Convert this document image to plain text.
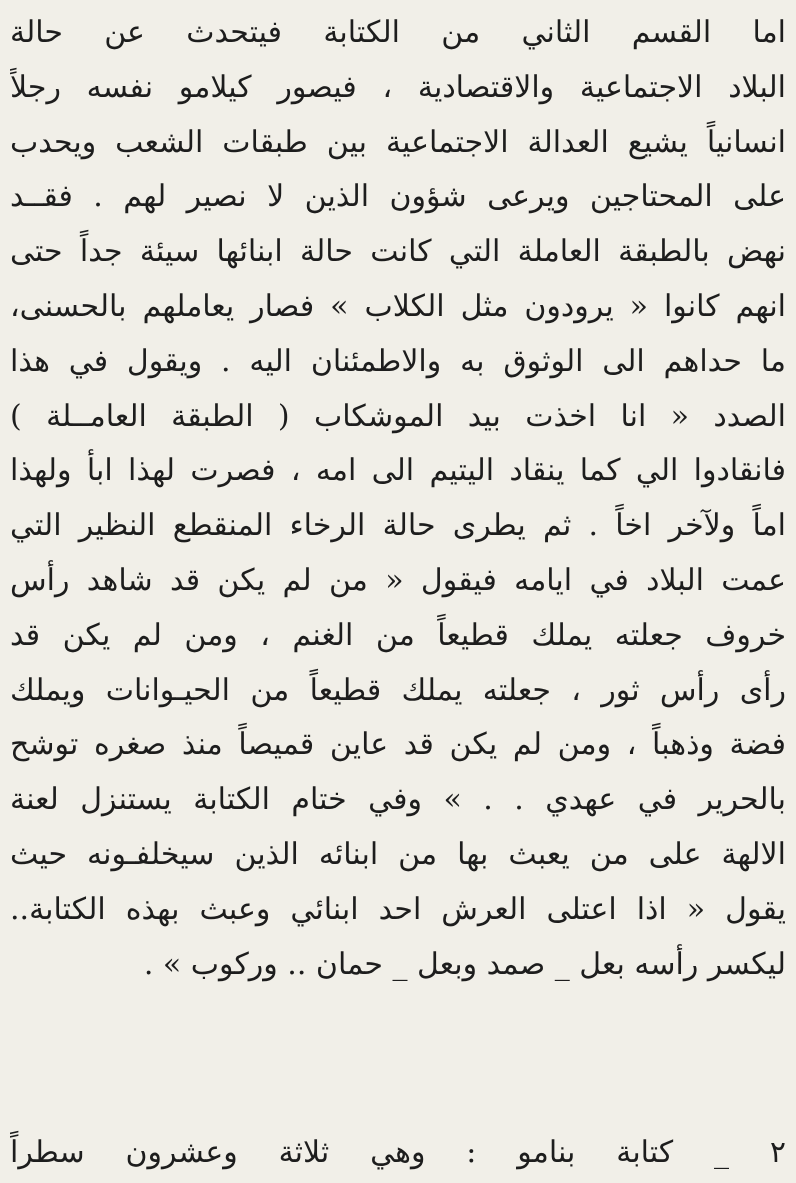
اما القسم الثاني من الكتابة فيتحدث عن حالة
البلاد الاجتماعية والاقتصادية ، فيصور كيلامو نفسه رجلاً
انسانياً يشيع العدالة الاجتماعية بين طبقات الشعب ويحدب
على المحتاجين ويرعى شؤون الذين لا نصير لهم . فقــد
نهض بالطبقة العاملة التي كانت حالة ابنائها سيئة جداً حتى
انهم كانوا « يرودون مثل الكلاب » فصار يعاملهم بالحسنى،
ما حداهم الى الوثوق به والاطمئنان اليه . ويقول في هذا
الصدد « انا اخذت بيد الموشكاب ( الطبقة العامــلة )
فانقادوا الي كما ينقاد اليتيم الى امه ، فصرت لهذا ابأ ولهذا
اماً ولآخر اخاً . ثم يطرى حالة الرخاء المنقطع النظير التي
عمت البلاد في ايامه فيقول « من لم يكن قد شاهد رأس
خروف جعلته يملك قطيعاً من الغنم ، ومن لم يكن قد
رأى رأس ثور ، جعلته يملك قطيعاً من الحيـوانات ويملك
فضة وذهباً ، ومن لم يكن قد عاين قميصاً منذ صغره توشح
بالحرير في عهدي . . » وفي ختام الكتابة يستنزل لعنة
الالهة على من يعبث بها من ابنائه الذين سيخلفـونه حيث
يقول « اذا اعتلى العرش احد ابنائي وعبث بهذه الكتابة..
ليكسر رأسه بعل _ صمد وبعل _ حمان .. وركوب » .
٢ _ كتابة بنامو : وهي ثلاثة وعشرون سطراً
